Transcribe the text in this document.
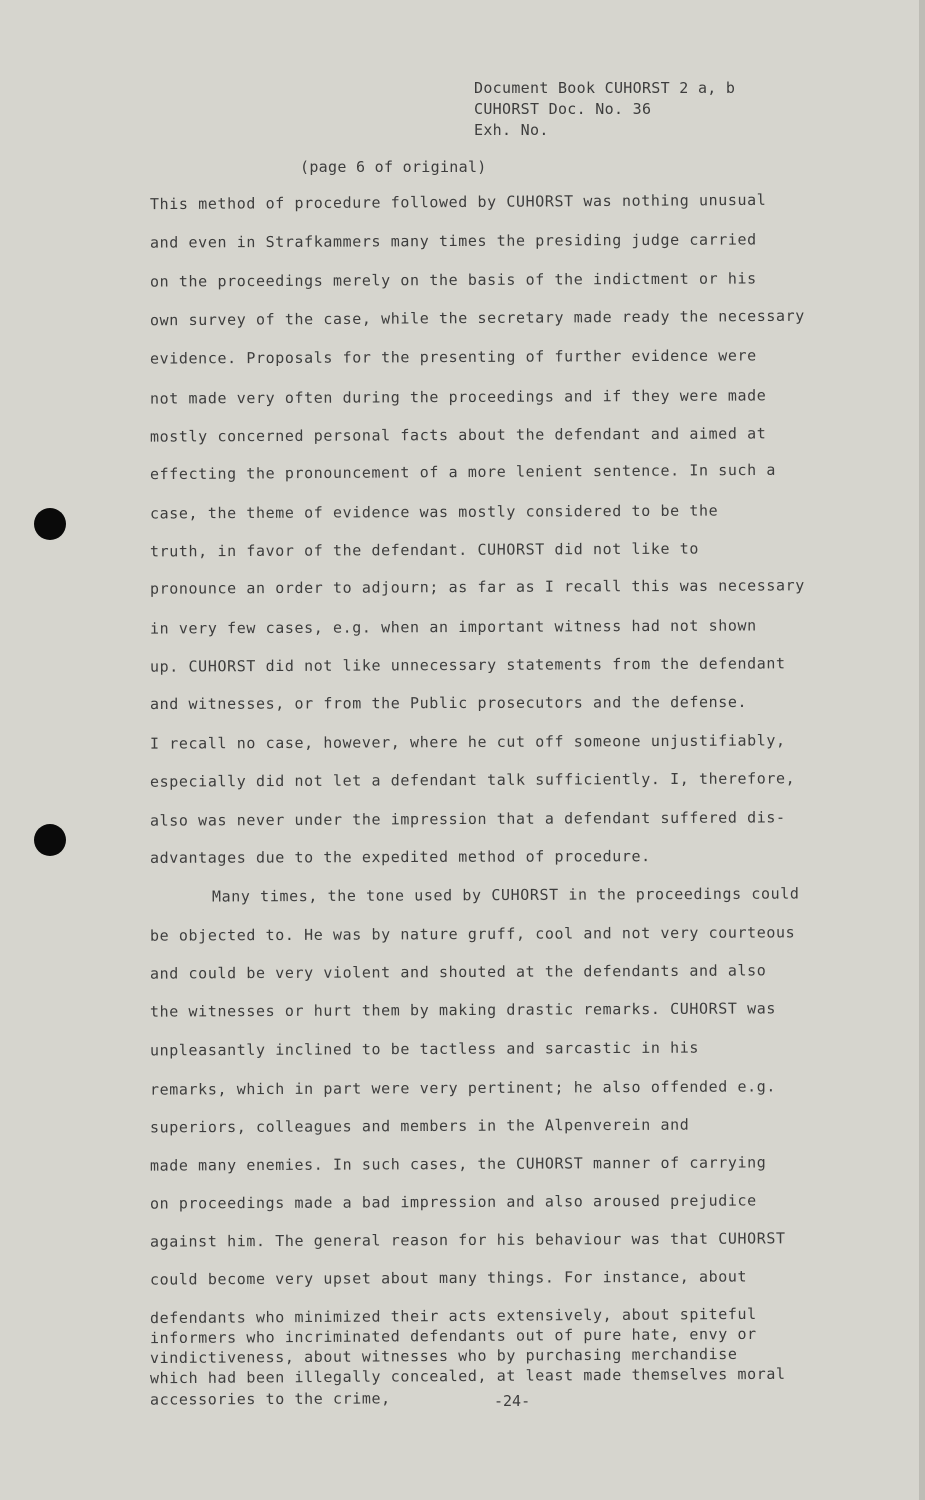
Document Book CUHORST 2 a, b
CUHORST Doc. No. 36
Exh. No.
(page 6 of original)
This method of procedure followed by CUHORST was nothing unusual
and even in Strafkammers many times the presiding judge carried
on the proceedings merely on the basis of the indictment or his
own survey of the case, while the secretary made ready the necessary
evidence. Proposals for the presenting of further evidence were
not made very often during the proceedings and if they were made
mostly concerned personal facts about the defendant and aimed at
effecting the pronouncement of a more lenient sentence. In such a
case, the theme of evidence was mostly considered to be the
truth, in favor of the defendant. CUHORST did not like to
pronounce an order to adjourn; as far as I recall this was necessary
in very few cases, e.g. when an important witness had not shown
up. CUHORST did not like unnecessary statements from the defendant
and witnesses, or from the Public prosecutors and the defense.
I recall no case, however, where he cut off someone unjustifiably,
especially did not let a defendant talk sufficiently. I, therefore,
also was never under the impression that a defendant suffered dis-
advantages due to the expedited method of procedure.
Many times, the tone used by CUHORST in the proceedings could
be objected to. He was by nature gruff, cool and not very courteous
and could be very violent and shouted at the defendants and also
the witnesses or hurt them by making drastic remarks. CUHORST was
unpleasantly inclined to be tactless and sarcastic in his
remarks, which in part were very pertinent; he also offended e.g.
superiors, colleagues and members in the Alpenverein and
made many enemies. In such cases, the CUHORST manner of carrying
on proceedings made a bad impression and also aroused prejudice
against him. The general reason for his behaviour was that CUHORST
could become very upset about many things. For instance, about
defendants who minimized their acts extensively, about spiteful
informers who incriminated defendants out of pure hate, envy or
vindictiveness, about witnesses who by purchasing merchandise
which had been illegally concealed, at least made themselves moral
accessories to the crime,	-24-
